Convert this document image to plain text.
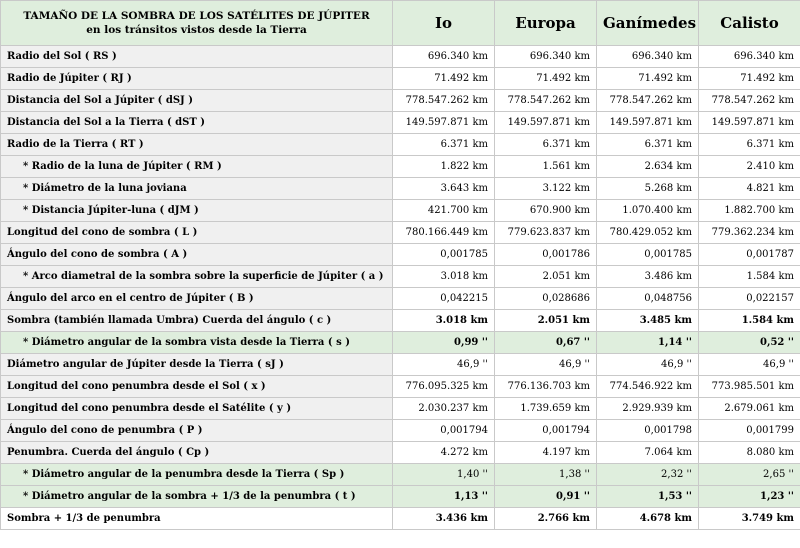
TAMAÑO DE LA SOMBRA DE LOS SATÉLITES DE JÚPITER
en los tránsitos vistos desde la Tierra	Io	Europa	Ganímedes	Calisto
Radio del Sol ( RS )	696.340 km	696.340 km	696.340 km	696.340 km
Radio de Júpiter ( RJ )	71.492 km	71.492 km	71.492 km	71.492 km
Distancia del Sol a Júpiter ( dSJ )	778.547.262 km	778.547.262 km	778.547.262 km	778.547.262 km
Distancia del Sol a la Tierra ( dST )	149.597.871 km	149.597.871 km	149.597.871 km	149.597.871 km
Radio de la Tierra ( RT )	6.371 km	6.371 km	6.371 km	6.371 km
* Radio de la luna de Júpiter ( RM )	1.822 km	1.561 km	2.634 km	2.410 km
* Diámetro de la luna joviana	3.643 km	3.122 km	5.268 km	4.821 km
* Distancia Júpiter-luna ( dJM )	421.700 km	670.900 km	1.070.400 km	1.882.700 km
Longitud del cono de sombra ( L )	780.166.449 km	779.623.837 km	780.429.052 km	779.362.234 km
Ángulo del cono de sombra ( A )	0,001785	0,001786	0,001785	0,001787
* Arco diametral de la sombra sobre la superficie de Júpiter ( a )	3.018 km	2.051 km	3.486 km	1.584 km
Ángulo del arco en el centro de Júpiter ( B )	0,042215	0,028686	0,048756	0,022157
Sombra (también llamada Umbra) Cuerda del ángulo ( c )	3.018 km	2.051 km	3.485 km	1.584 km
* Diámetro angular de la sombra vista desde la Tierra ( s )	0,99 ''	0,67 ''	1,14 ''	0,52 ''
Diámetro angular de Júpiter desde la Tierra ( sJ )	46,9 ''	46,9 ''	46,9 ''	46,9 ''
Longitud del cono penumbra desde el Sol ( x )	776.095.325 km	776.136.703 km	774.546.922 km	773.985.501 km
Longitud del cono penumbra desde el Satélite ( y )	2.030.237 km	1.739.659 km	2.929.939 km	2.679.061 km
Ángulo del cono de penumbra ( P )	0,001794	0,001794	0,001798	0,001799
Penumbra. Cuerda del ángulo ( Cp )	4.272 km	4.197 km	7.064 km	8.080 km
* Diámetro angular de la penumbra desde la Tierra ( Sp )	1,40 ''	1,38 ''	2,32 ''	2,65 ''
* Diámetro angular de la sombra + 1/3 de la penumbra ( t )	1,13 ''	0,91 ''	1,53 ''	1,23 ''
Sombra + 1/3 de penumbra	3.436 km	2.766 km	4.678 km	3.749 km
